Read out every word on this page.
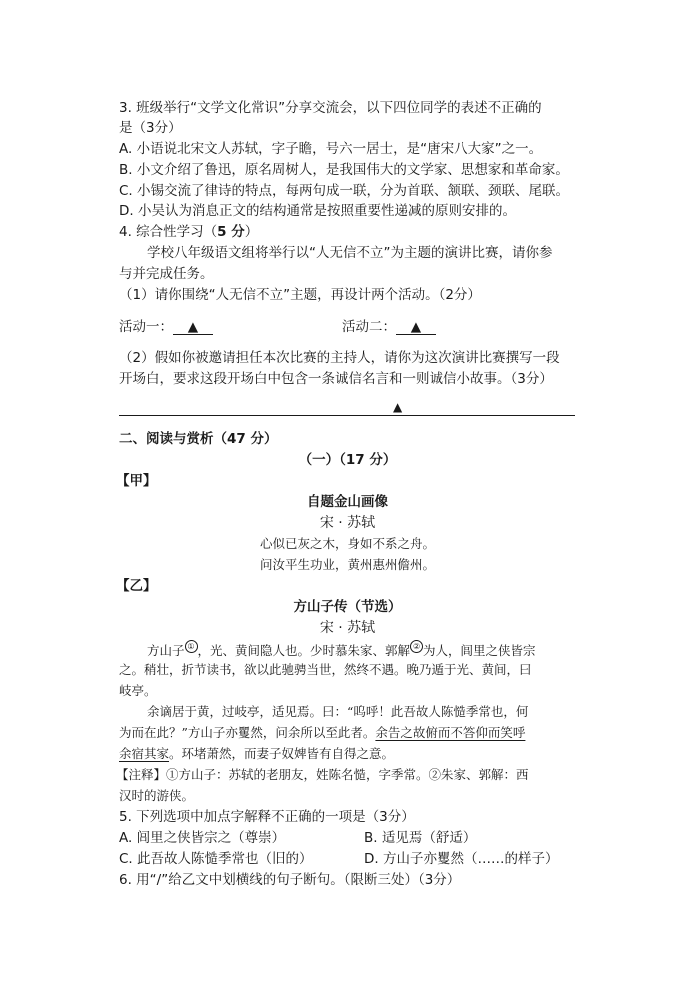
3. 班级举行“文学文化常识”分享交流会，以下四位同学的表述不正确的
是（3分）
A. 小语说北宋文人苏轼，字子瞻，号六一居士，是“唐宋八大家”之一。
B. 小文介绍了鲁迅，原名周树人，是我国伟大的文学家、思想家和革命家。
C. 小锡交流了律诗的特点，每两句成一联，分为首联、颔联、颈联、尾联。
D. 小吴认为消息正文的结构通常是按照重要性递减的原则安排的。
4. 综合性学习（5 分）
学校八年级语文组将举行以“人无信不立”为主题的演讲比赛，请你参
与并完成任务。
（1）请你围绕“人无信不立”主题，再设计两个活动。（2分）
活动一： ▲	活动二： ▲
（2）假如你被邀请担任本次比赛的主持人，请你为这次演讲比赛撰写一段
开场白，要求这段开场白中包含一条诚信名言和一则诚信小故事。（3分）
▲
二、阅读与赏析（47 分）
（一）（17 分）
【甲】
自题金山画像
宋 · 苏轼
心似已灰之木，身如不系之舟。
问汝平生功业，黄州惠州儋州。
【乙】
方山子传（节选）
宋 · 苏轼
方山子 ① ，光、黄间隐人也。少时慕朱家、郭解 ② 为人，闾里之侠皆宗
之。稍壮，折节读书，欲以此驰骋当世，然终不遇。晚乃遁于光、黄间，曰
岐亭。
余谪居于黄，过岐亭，适见焉。曰：“呜呼！此吾故人陈慥季常也，何
为而在此？”方山子亦矍然，问余所以至此者。余告之故俯而不答仰而笑呼
余宿其家。环堵萧然，而妻子奴婢皆有自得之意。
【注释】①方山子：苏轼的老朋友，姓陈名慥，字季常。②朱家、郭解：西
汉时的游侠。
5. 下列选项中加点字解释不正确的一项是（3分）
A. 闾里之侠皆宗之（尊崇）	B. 适见焉（舒适）
C. 此吾故人陈慥季常也（旧的）	D. 方山子亦矍然（……的样子）
6. 用“/”给乙文中划横线的句子断句。（限断三处）（3分）
